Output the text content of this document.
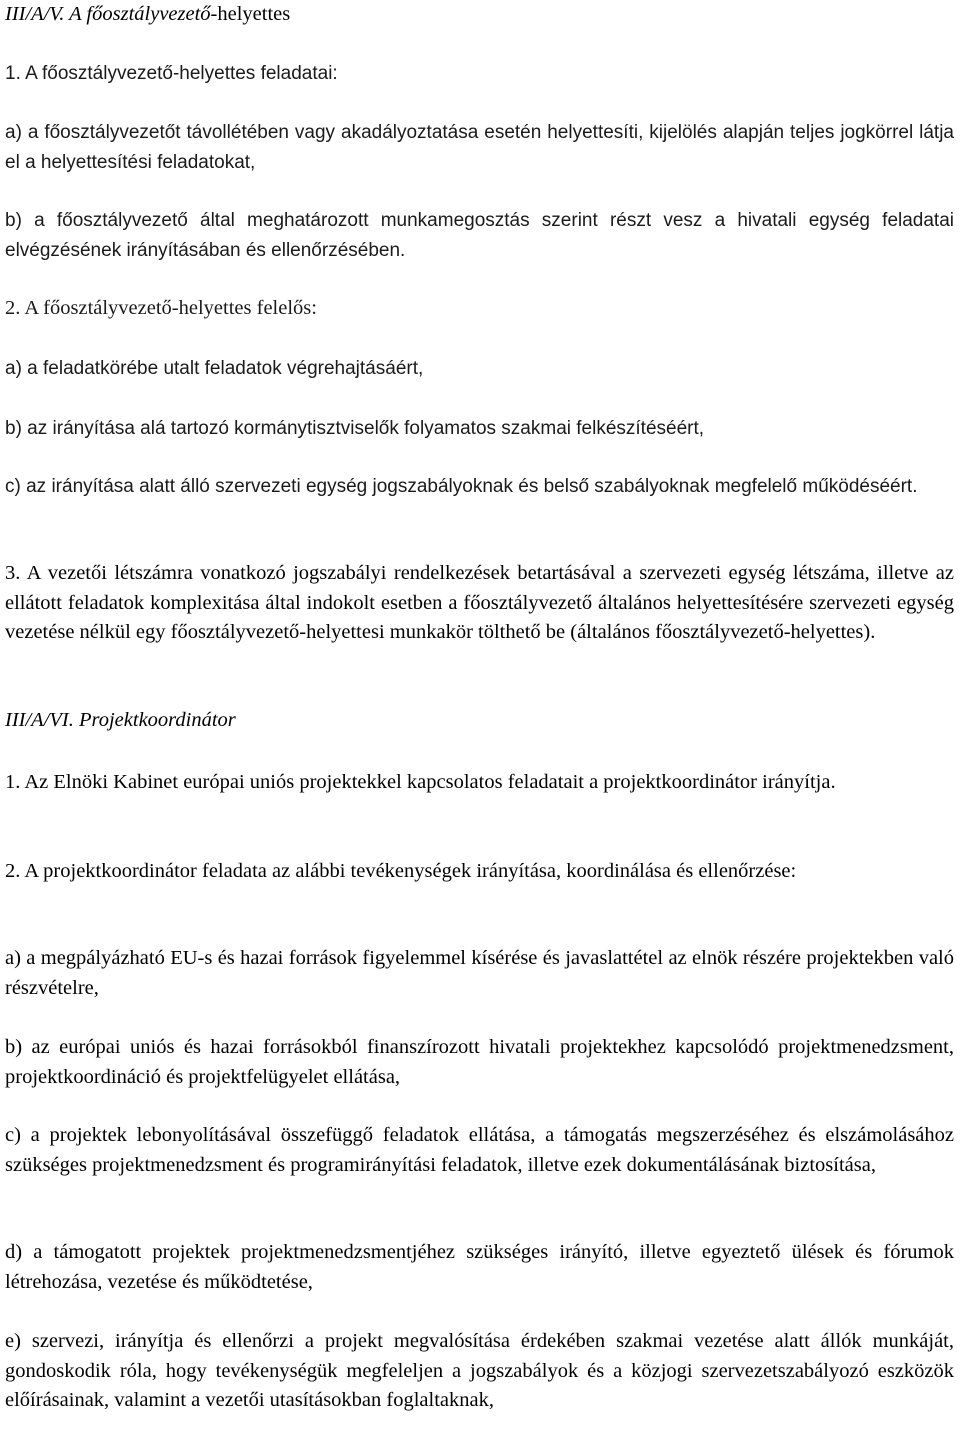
III/A/V. A főosztályvezető-helyettes

1. A főosztályvezető-helyettes feladatai:

a) a főosztályvezetőt távollétében vagy akadályoztatása esetén helyettesíti, kijelölés alapján teljes jogkörrel látja el a helyettesítési feladatokat,

b) a főosztályvezető által meghatározott munkamegosztás szerint részt vesz a hivatali egység feladatai elvégzésének irányításában és ellenőrzésében.

2. A főosztályvezető-helyettes felelős:

a) a feladatkörébe utalt feladatok végrehajtásáért,

b) az irányítása alá tartozó kormánytisztviselők folyamatos szakmai felkészítéséért,

c) az irányítása alatt álló szervezeti egység jogszabályoknak és belső szabályoknak megfelelő működéséért.

3. A vezetői létszámra vonatkozó jogszabályi rendelkezések betartásával a szervezeti egység létszáma, illetve az ellátott feladatok komplexitása által indokolt esetben a főosztályvezető általános helyettesítésére szervezeti egység vezetése nélkül egy főosztályvezető-helyettesi munkakör tölthető be (általános főosztályvezető-helyettes).

III/A/VI. Projektkoordinátor

1. Az Elnöki Kabinet európai uniós projektekkel kapcsolatos feladatait a projektkoordinátor irányítja.

2. A projektkoordinátor feladata az alábbi tevékenységek irányítása, koordinálása és ellenőrzése:

a) a megpályázható EU-s és hazai források figyelemmel kísérése és javaslattétel az elnök részére projektekben való részvételre,

b) az európai uniós és hazai forrásokból finanszírozott hivatali projektekhez kapcsolódó projektmenedzsment, projektkoordináció és projektfelügyelet ellátása,

c) a projektek lebonyolításával összefüggő feladatok ellátása, a támogatás megszerzéséhez és elszámolásához szükséges projektmenedzsment és programirányítási feladatok, illetve ezek dokumentálásának biztosítása,

d) a támogatott projektek projektmenedzsmentjéhez szükséges irányító, illetve egyeztető ülések és fórumok létrehozása, vezetése és működtetése,

e) szervezi, irányítja és ellenőrzi a projekt megvalósítása érdekében szakmai vezetése alatt állók munkáját, gondoskodik róla, hogy tevékenységük megfeleljen a jogszabályok és a közjogi szervezetszabályozó eszközök előírásainak, valamint a vezetői utasításokban foglaltaknak,
